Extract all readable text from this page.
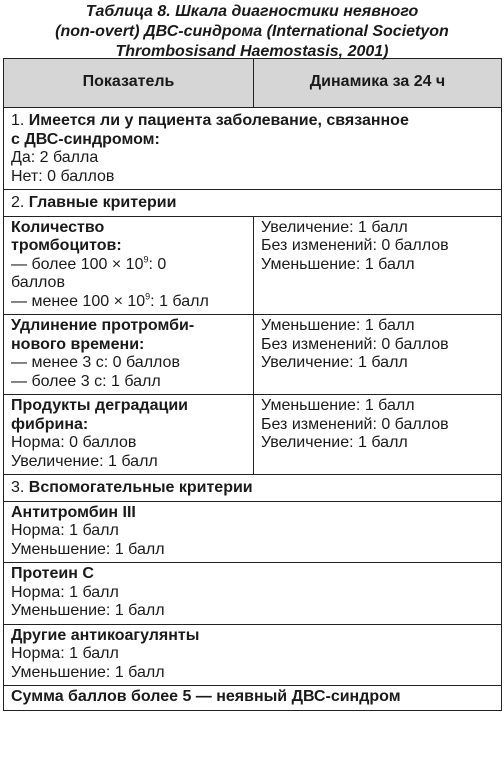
Таблица 8. Шкала диагностики неявного
(non-overt) ДВС-синдрома (International Societyon
Thrombosisand Haemostasis, 2001)
Показатель	Динамика за 24 ч

1. Имеется ли у пациента заболевание, связанное
с ДВС-синдромом:
Да: 2 балла
Нет: 0 баллов	

2. Главные критерии	

Количество
тромбоцитов:
— более $100 \times 10^9$: 0
баллов
— менее $100 \times 10^9$: 1 балл	Увеличение: 1 балл
Без изменений: 0 баллов
Уменьшение: 1 балл

Удлинение протромби-
нового времени:
— менее 3 с: 0 баллов
— более 3 с: 1 балл	Уменьшение: 1 балл
Без изменений: 0 баллов
Увеличение: 1 балл

Продукты деградации
фибрина:
Норма: 0 баллов
Увеличение: 1 балл	Уменьшение: 1 балл
Без изменений: 0 баллов
Увеличение: 1 балл

3. Вспомогательные критерии	

Антитромбин III
Норма: 1 балл
Уменьшение: 1 балл	

Протеин С
Норма: 1 балл
Уменьшение: 1 балл	

Другие антикоагулянты
Норма: 1 балл
Уменьшение: 1 балл	

Сумма баллов более 5 — неявный ДВС-синдром	
